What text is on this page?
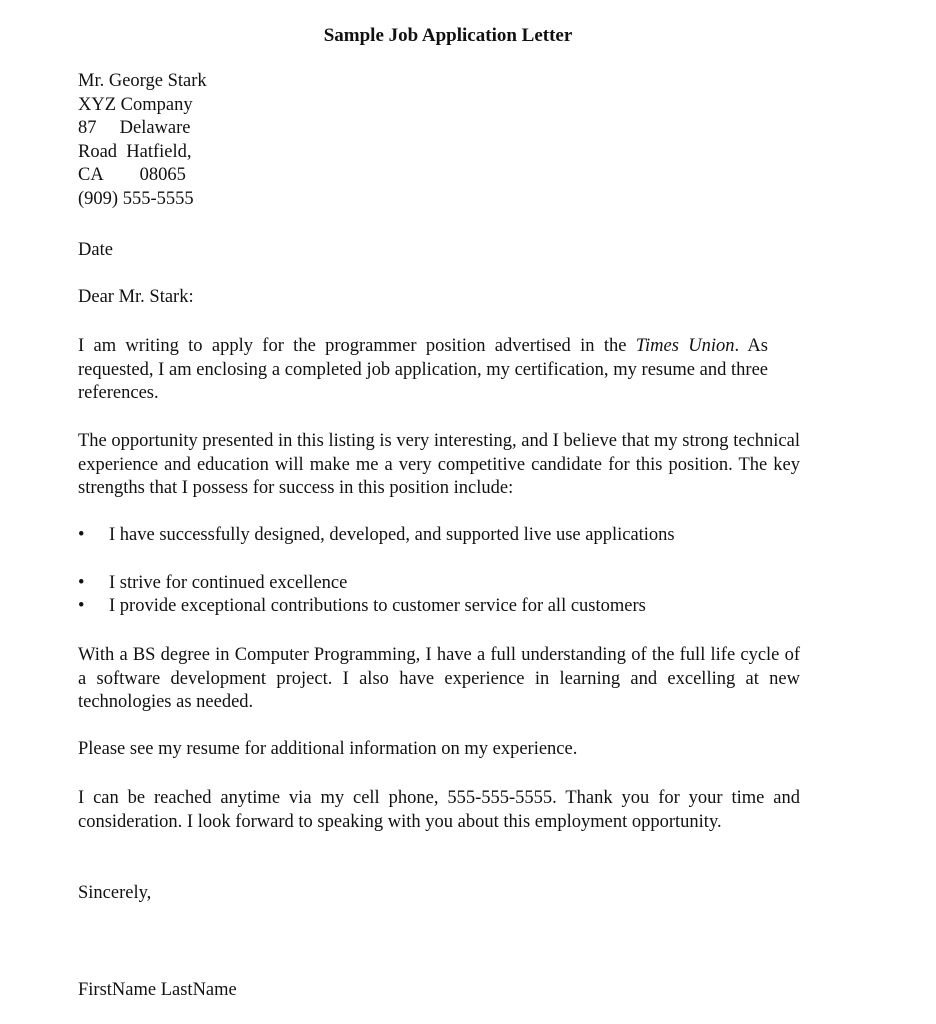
Sample Job Application Letter
Mr. George Stark
XYZ Company
87     Delaware
Road  Hatfield,
CA        08065
(909) 555-5555
Date
Dear Mr. Stark:
I am writing to apply for the programmer position advertised in the Times Union. As requested, I am enclosing a completed job application, my certification, my resume and three references.
The opportunity presented in this listing is very interesting, and I believe that my strong technical experience and education will make me a very competitive candidate for this position. The key strengths that I possess for success in this position include:
•	I have successfully designed, developed, and supported live use applications
•	I strive for continued excellence
•	I provide exceptional contributions to customer service for all customers
With a BS degree in Computer Programming, I have a full understanding of the full life cycle of a software development project. I also have experience in learning and excelling at new technologies as needed.
Please see my resume for additional information on my experience.
I can be reached anytime via my cell phone, 555-555-5555. Thank you for your time and consideration. I look forward to speaking with you about this employment opportunity.
Sincerely,
FirstName LastName
